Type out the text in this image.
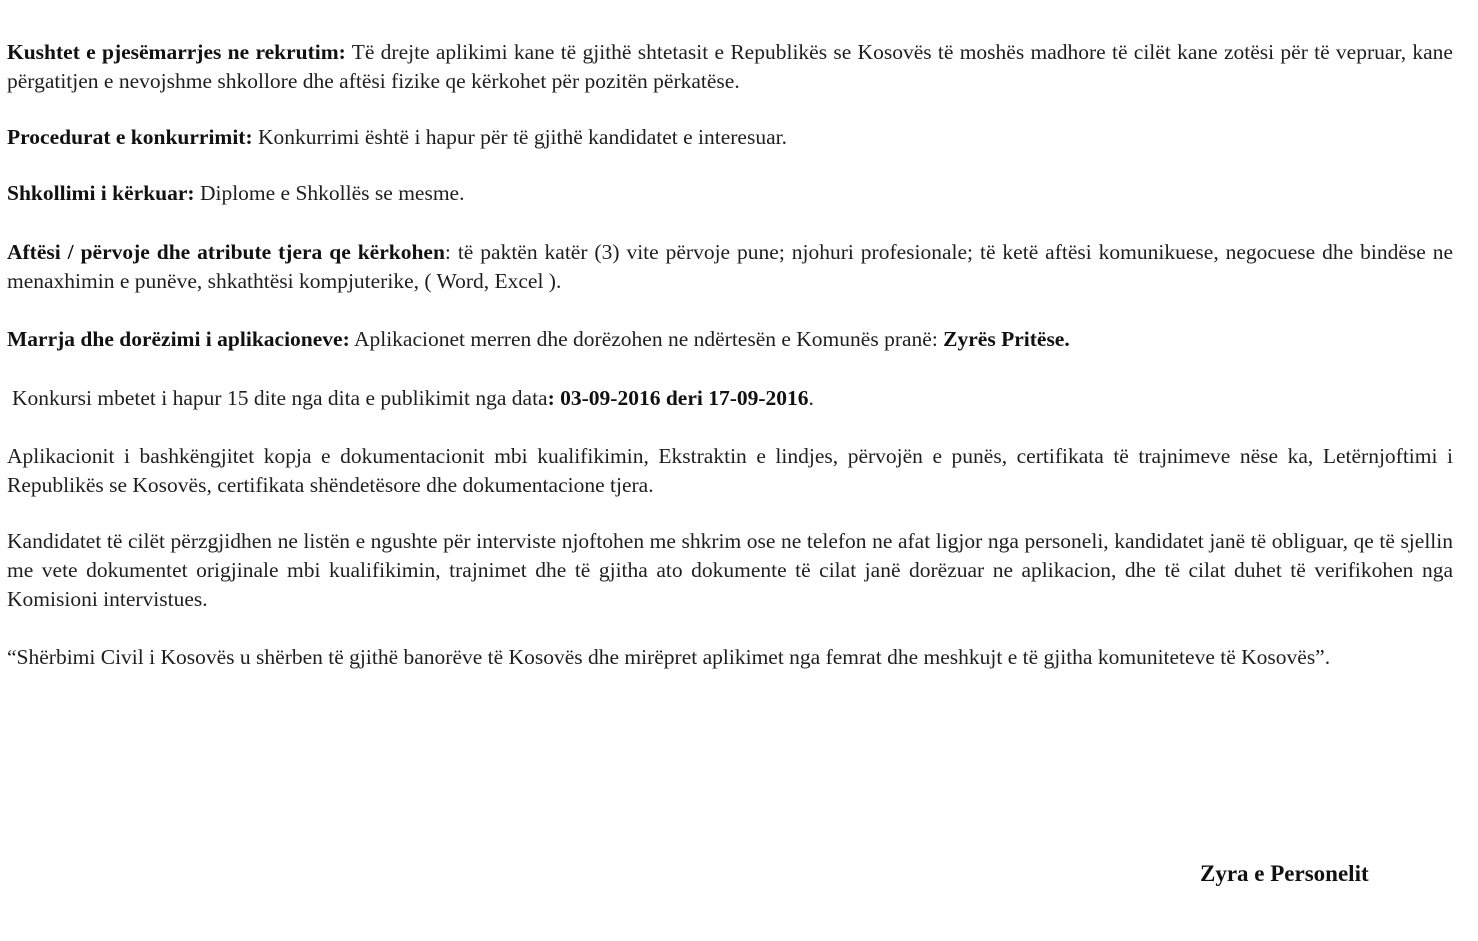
Kushtet e pjesëmarrjes ne rekrutim: Të drejte aplikimi kane të gjithë shtetasit e Republikës se Kosovës të moshës madhore të cilët kane zotësi për të vepruar, kane përgatitjen e nevojshme shkollore dhe aftësi fizike qe kërkohet për pozitën përkatëse.

Procedurat e konkurrimit: Konkurrimi është i hapur për të gjithë kandidatet e interesuar.

Shkollimi i kërkuar: Diplome e Shkollës se mesme.

Aftësi / përvoje dhe atribute tjera qe kërkohen: të paktën katër (3) vite përvoje pune; njohuri profesionale; të ketë aftësi komunikuese, negocuese dhe bindëse ne menaxhimin e punëve, shkathtësi kompjuterike, ( Word, Excel ).

Marrja dhe dorëzimi i aplikacioneve: Aplikacionet merren dhe dorëzohen ne ndërtesën e Komunës pranë: Zyrës Pritëse.

Konkursi mbetet i hapur 15 dite nga dita e publikimit nga data: 03-09-2016 deri 17-09-2016.

Aplikacionit i bashkëngjitet kopja e dokumentacionit mbi kualifikimin, Ekstraktin e lindjes, përvojën e punës, certifikata të trajnimeve nëse ka, Letërnjoftimi i Republikës se Kosovës, certifikata shëndetësore dhe dokumentacione tjera.

Kandidatet të cilët përzgjidhen ne listën e ngushte për interviste njoftohen me shkrim ose ne telefon ne afat ligjor nga personeli, kandidatet janë të obliguar, qe të sjellin me vete dokumentet origjinale mbi kualifikimin, trajnimet dhe të gjitha ato dokumente të cilat janë dorëzuar ne aplikacion, dhe të cilat duhet të verifikohen nga Komisioni intervistues.

“Shërbimi Civil i Kosovës u shërben të gjithë banorëve të Kosovës dhe mirëpret aplikimet nga femrat dhe meshkujt e të gjitha komuniteteve të Kosovës”.

Zyra e Personelit
